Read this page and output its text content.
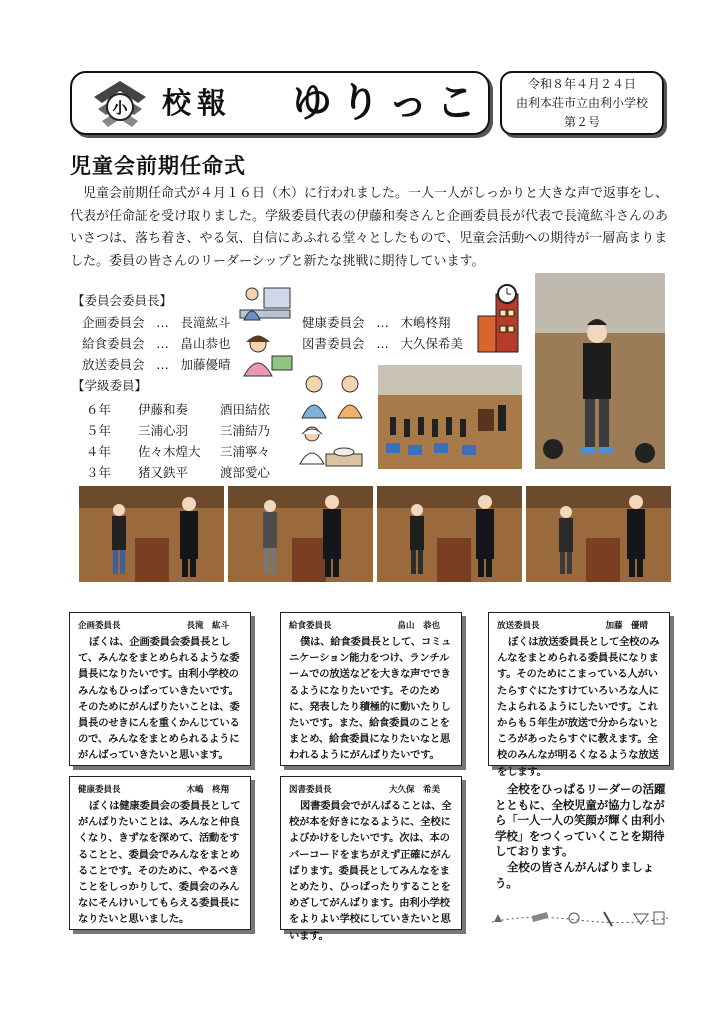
小 校報 ゆりっこ	令和８年４月２４日
由利本荘市立由利小学校
第２号
児童会前期任命式

児童会前期任命式が４月１６日（木）に行われました。一人一人がしっかりと大きな声で返事をし、代表が任命証を受け取りました。学級委員代表の伊藤和奏さんと企画委員長が代表で長滝紘斗さんのあいさつは、落ち着き、やる気、自信にあふれる堂々としたもので、児童会活動への期待が一層高まりました。委員の皆さんのリーダーシップと新たな挑戦に期待しています。

【委員会委員長】
企画委員会 … 長滝紘斗
給食委員会 … 畠山恭也
放送委員会 … 加藤優晴
健康委員会 … 木嶋柊翔
図書委員会 … 大久保希美
【学級委員】
６年 伊藤和奏	酒田結依
５年 三浦心羽	三浦結乃
４年 佐々木煌大 三浦寧々
３年 猪又鉄平	渡部愛心
企画委員長	長滝　紘斗

ぼくは、企画委員会委員長として、みんなをまとめられるような委員長になりたいです。由利小学校のみんなもひっぱっていきたいです。そのためにがんばりたいことは、委員長のせきにんを重くかんじているので、みんなをまとめられるようにがんばっていきたいと思います。

給食委員長	畠山　恭也

僕は、給食委員長として、コミュニケーション能力をつけ、ランチルームでの放送などを大きな声でできるようになりたいです。そのために、発表したり積極的に動いたりしたいです。また、給食委員のことをまとめ、給食委員になりたいなと思われるようにがんばりたいです。

放送委員長	加藤　優晴

ぼくは放送委員長として全校のみんなをまとめられる委員長になります。そのためにこまっている人がいたらすぐにたすけていろいろな人にたよられるようにしたいです。これからも５年生が放送で分からないところがあったらすぐに教えます。全校のみんなが明るくなるような放送をします。

健康委員長	木嶋　柊翔

ぼくは健康委員会の委員長としてがんばりたいことは、みんなと仲良くなり、きずなを深めて、活動をすることと、委員会でみんなをまとめることです。そのために、やるべきことをしっかりして、委員会のみんなにそんけいしてもらえる委員長になりたいと思いました。

図書委員長	大久保　希美

図書委員会でがんばることは、全校が本を好きになるように、全校によびかけをしたいです。次は、本のバーコードをまちがえず正確にがんばります。委員長としてみんなをまとめたり、ひっぱったりすることをめざしてがんばります。由利小学校をよりよい学校にしていきたいと思います。

全校をひっぱるリーダーの活躍とともに、全校児童が協力しながら「一人一人の笑顔が輝く由利小学校」をつくっていくことを期待しております。

全校の皆さんがんばりましょう。
